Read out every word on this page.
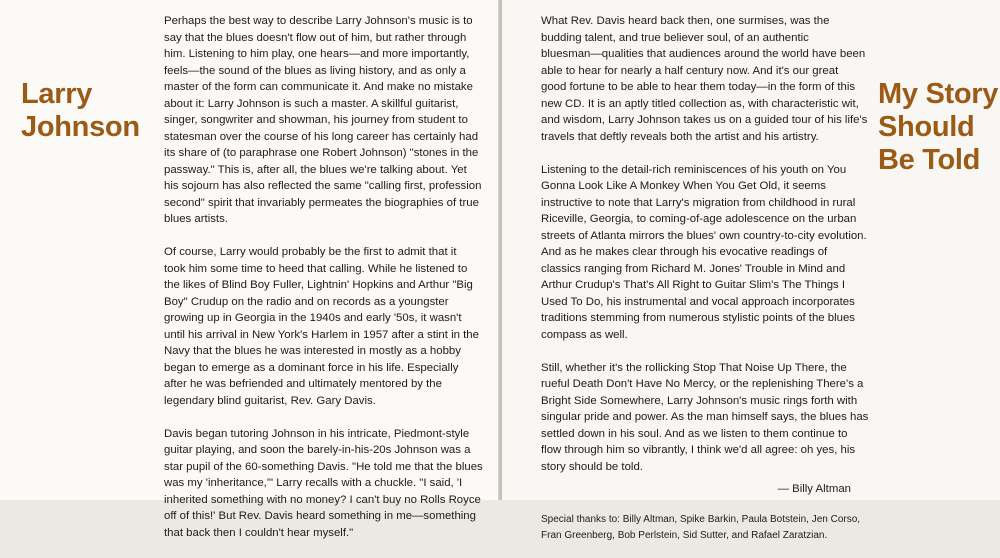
Larry
Johnson

Perhaps the best way to describe Larry Johnson's music is to
say that the blues doesn't flow out of him, but rather through
him. Listening to him play, one hears—and more importantly,
feels—the sound of the blues as living history, and as only a
master of the form can communicate it. And make no mistake
about it: Larry Johnson is such a master. A skillful guitarist,
singer, songwriter and showman, his journey from student to
statesman over the course of his long career has certainly had
its share of (to paraphrase one Robert Johnson) "stones in the
passway." This is, after all, the blues we're talking about. Yet
his sojourn has also reflected the same "calling first, profession
second" spirit that invariably permeates the biographies of true
blues artists.

Of course, Larry would probably be the first to admit that it
took him some time to heed that calling. While he listened to
the likes of Blind Boy Fuller, Lightnin' Hopkins and Arthur "Big
Boy" Crudup on the radio and on records as a youngster
growing up in Georgia in the 1940s and early '50s, it wasn't
until his arrival in New York's Harlem in 1957 after a stint in the
Navy that the blues he was interested in mostly as a hobby
began to emerge as a dominant force in his life. Especially
after he was befriended and ultimately mentored by the
legendary blind guitarist, Rev. Gary Davis.

Davis began tutoring Johnson in his intricate, Piedmont-style
guitar playing, and soon the barely-in-his-20s Johnson was a
star pupil of the 60-something Davis. "He told me that the blues
was my 'inheritance,'" Larry recalls with a chuckle. "I said, 'I
inherited something with no money? I can't buy no Rolls Royce
off of this!' But Rev. Davis heard something in me—something
that back then I couldn't hear myself."

What Rev. Davis heard back then, one surmises, was the
budding talent, and true believer soul, of an authentic
bluesman—qualities that audiences around the world have been
able to hear for nearly a half century now. And it's our great
good fortune to be able to hear them today—in the form of this
new CD. It is an aptly titled collection as, with characteristic wit,
and wisdom, Larry Johnson takes us on a guided tour of his life's
travels that deftly reveals both the artist and his artistry.

Listening to the detail-rich reminiscences of his youth on You
Gonna Look Like A Monkey When You Get Old, it seems
instructive to note that Larry's migration from childhood in rural
Riceville, Georgia, to coming-of-age adolescence on the urban
streets of Atlanta mirrors the blues' own country-to-city evolution.
And as he makes clear through his evocative readings of
classics ranging from Richard M. Jones' Trouble in Mind and
Arthur Crudup's That's All Right to Guitar Slim's The Things I
Used To Do, his instrumental and vocal approach incorporates
traditions stemming from numerous stylistic points of the blues
compass as well.

Still, whether it's the rollicking Stop That Noise Up There, the
rueful Death Don't Have No Mercy, or the replenishing There's a
Bright Side Somewhere, Larry Johnson's music rings forth with
singular pride and power. As the man himself says, the blues has
settled down in his soul. And as we listen to them continue to
flow through him so vibrantly, I think we'd all agree: oh yes, his
story should be told.

— Billy Altman
Special thanks to: Billy Altman, Spike Barkin, Paula Botstein, Jen Corso,
Fran Greenberg, Bob Perlstein, Sid Sutter, and Rafael Zaratzian.
My Story
Should
Be Told
